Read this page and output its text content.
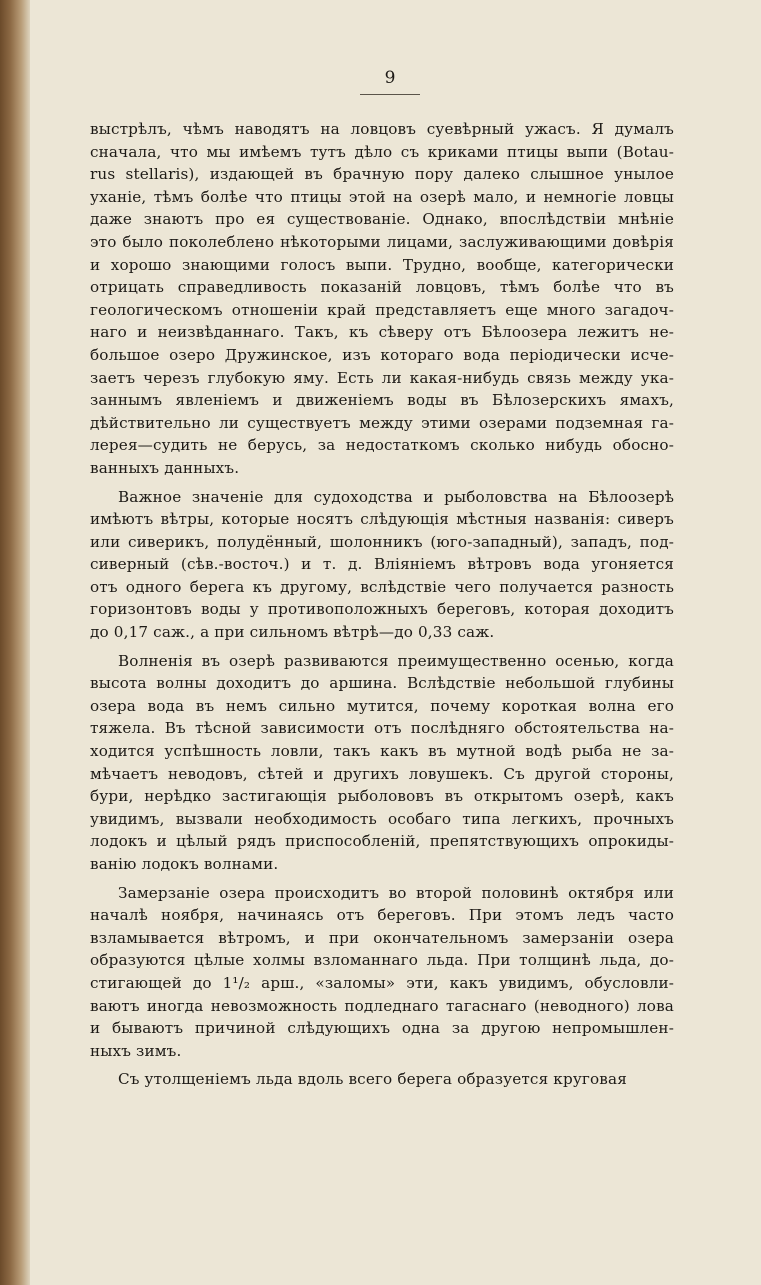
9
выстрѣлъ, чѣмъ наводятъ на ловцовъ суевѣрный ужасъ. Я думалъ
сначала, что мы имѣемъ тутъ дѣло съ криками птицы выпи (Botau-
rus stellaris), издающей въ брачную пору далеко слышное унылое
уханіе, тѣмъ болѣе что птицы этой на озерѣ мало, и немногіе ловцы
даже знаютъ про ея существованіе. Однако, впослѣдствіи мнѣніе
это было поколеблено нѣкоторыми лицами, заслуживающими довѣрія
и хорошо знающими голосъ выпи. Трудно, вообще, категорически
отрицать справедливость показаній ловцовъ, тѣмъ болѣе что въ
геологическомъ отношеніи край представляетъ еще много загадоч-
наго и неизвѣданнаго. Такъ, къ сѣверу отъ Бѣлоозера лежитъ не-
большое озеро Дружинское, изъ котораго вода періодически исче-
заетъ черезъ глубокую яму. Есть ли какая-нибудь связь между ука-
заннымъ явленіемъ и движеніемъ воды въ Бѣлозерскихъ ямахъ,
дѣйствительно ли существуетъ между этими озерами подземная га-
лерея—судить не берусь, за недостаткомъ сколько нибудь обосно-
ванныхъ данныхъ.
Важное значеніе для судоходства и рыболовства на Бѣлоозерѣ
имѣютъ вѣтры, которые носятъ слѣдующія мѣстныя названія: сиверъ
или сиверикъ, полудённый, шолонникъ (юго-западный), западъ, под-
сиверный (сѣв.-восточ.) и т. д. Вліяніемъ вѣтровъ вода угоняется
отъ одного берега къ другому, вслѣдствіе чего получается разность
горизонтовъ воды у противоположныхъ береговъ, которая доходитъ
до 0,17 саж., а при сильномъ вѣтрѣ—до 0,33 саж.
Волненія въ озерѣ развиваются преимущественно осенью, когда
высота волны доходитъ до аршина. Вслѣдствіе небольшой глубины
озера вода въ немъ сильно мутится, почему короткая волна его
тяжела. Въ тѣсной зависимости отъ послѣдняго обстоятельства на-
ходится успѣшность ловли, такъ какъ въ мутной водѣ рыба не за-
мѣчаетъ неводовъ, сѣтей и другихъ ловушекъ. Съ другой стороны,
бури, нерѣдко застигающія рыболововъ въ открытомъ озерѣ, какъ
увидимъ, вызвали необходимость особаго типа легкихъ, прочныхъ
лодокъ и цѣлый рядъ приспособленій, препятствующихъ опрокиды-
ванію лодокъ волнами.
Замерзаніе озера происходитъ во второй половинѣ октября или
началѣ ноября, начинаясь отъ береговъ. При этомъ ледъ часто
взламывается вѣтромъ, и при окончательномъ замерзаніи озера
образуются цѣлые холмы взломаннаго льда. При толщинѣ льда, до-
стигающей до 1¹/₂ арш., «заломы» эти, какъ увидимъ, обусловли-
ваютъ иногда невозможность подледнаго тагаснаго (неводного) лова
и бываютъ причиной слѣдующихъ одна за другою непромышлен-
ныхъ зимъ.
Съ утолщеніемъ льда вдоль всего берега образуется круговая
